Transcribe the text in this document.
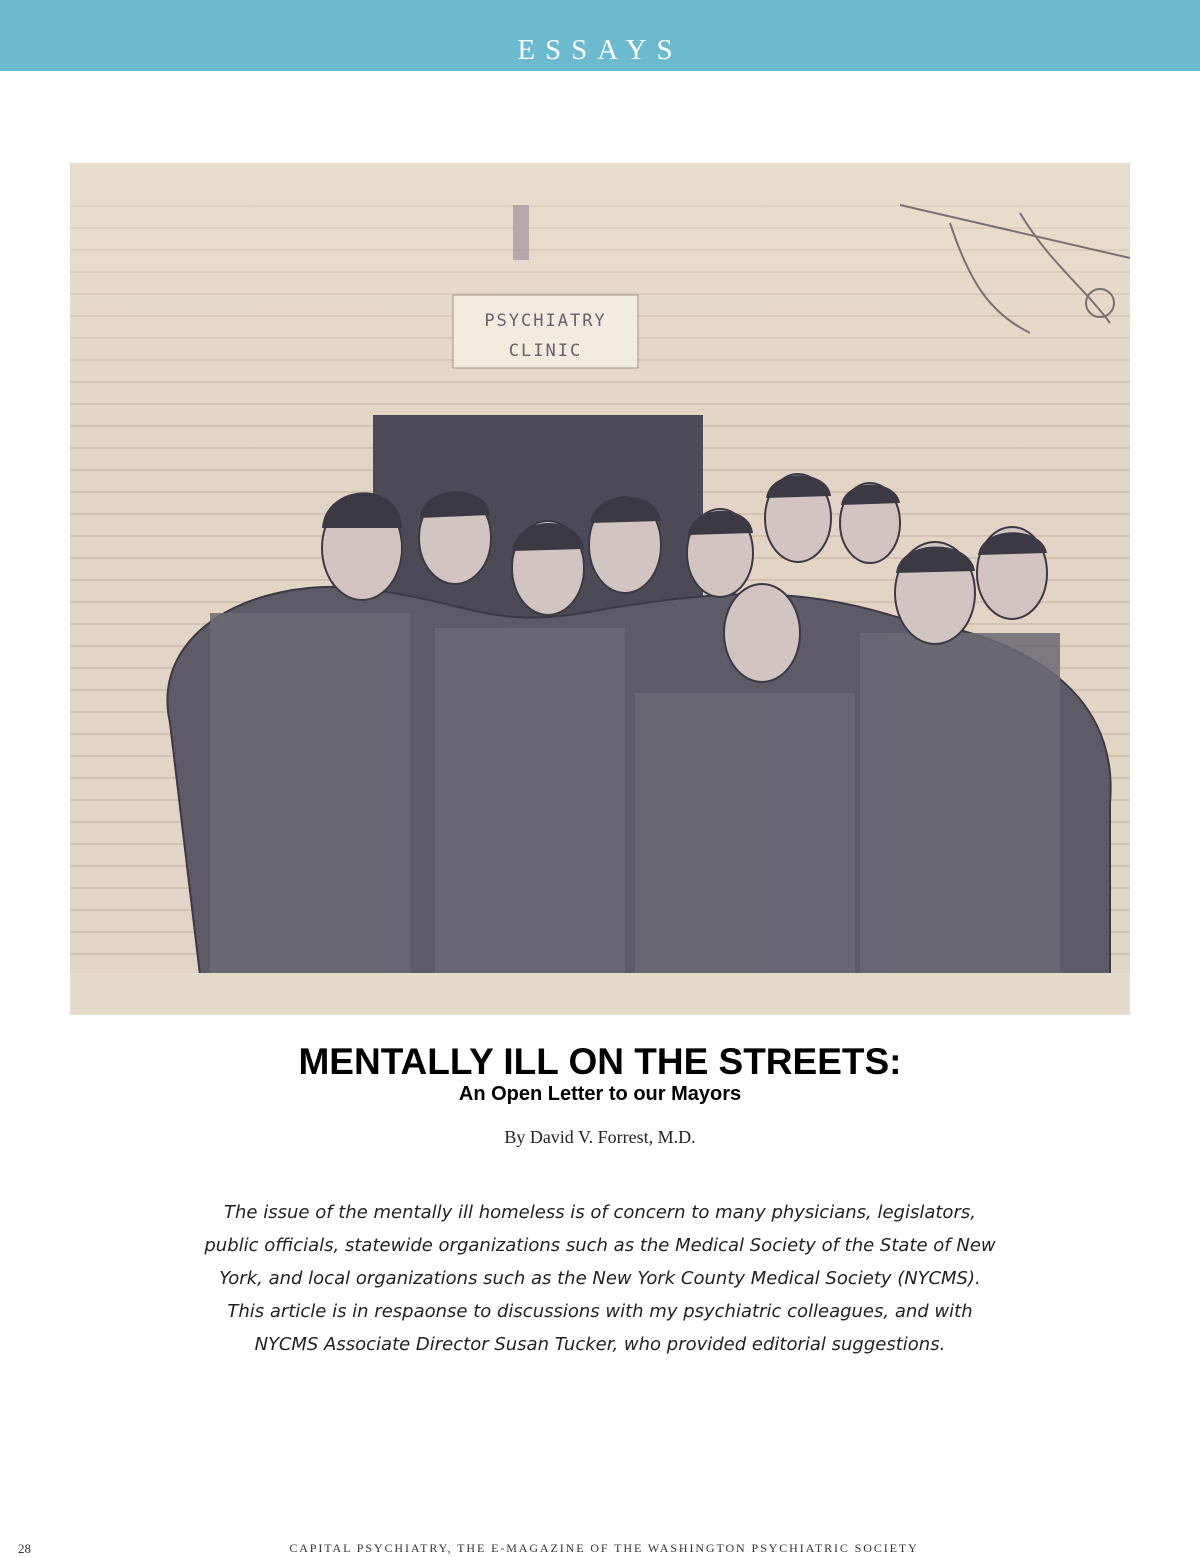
ESSAYS
PSYCHIATRY
CLINIC
MENTALLY ILL ON THE STREETS:
An Open Letter to our Mayors
By David V. Forrest, M.D.

The issue of the mentally ill homeless is of concern to many physicians, legislators,
public officials, statewide organizations such as the Medical Society of the State of New
York, and local organizations such as the New York County Medical Society (NYCMS).
This article is in respaonse to discussions with my psychiatric colleagues, and with
NYCMS Associate Director Susan Tucker, who provided editorial suggestions.

28	CAPITAL PSYCHIATRY, THE E-MAGAZINE OF THE WASHINGTON PSYCHIATRIC SOCIETY
